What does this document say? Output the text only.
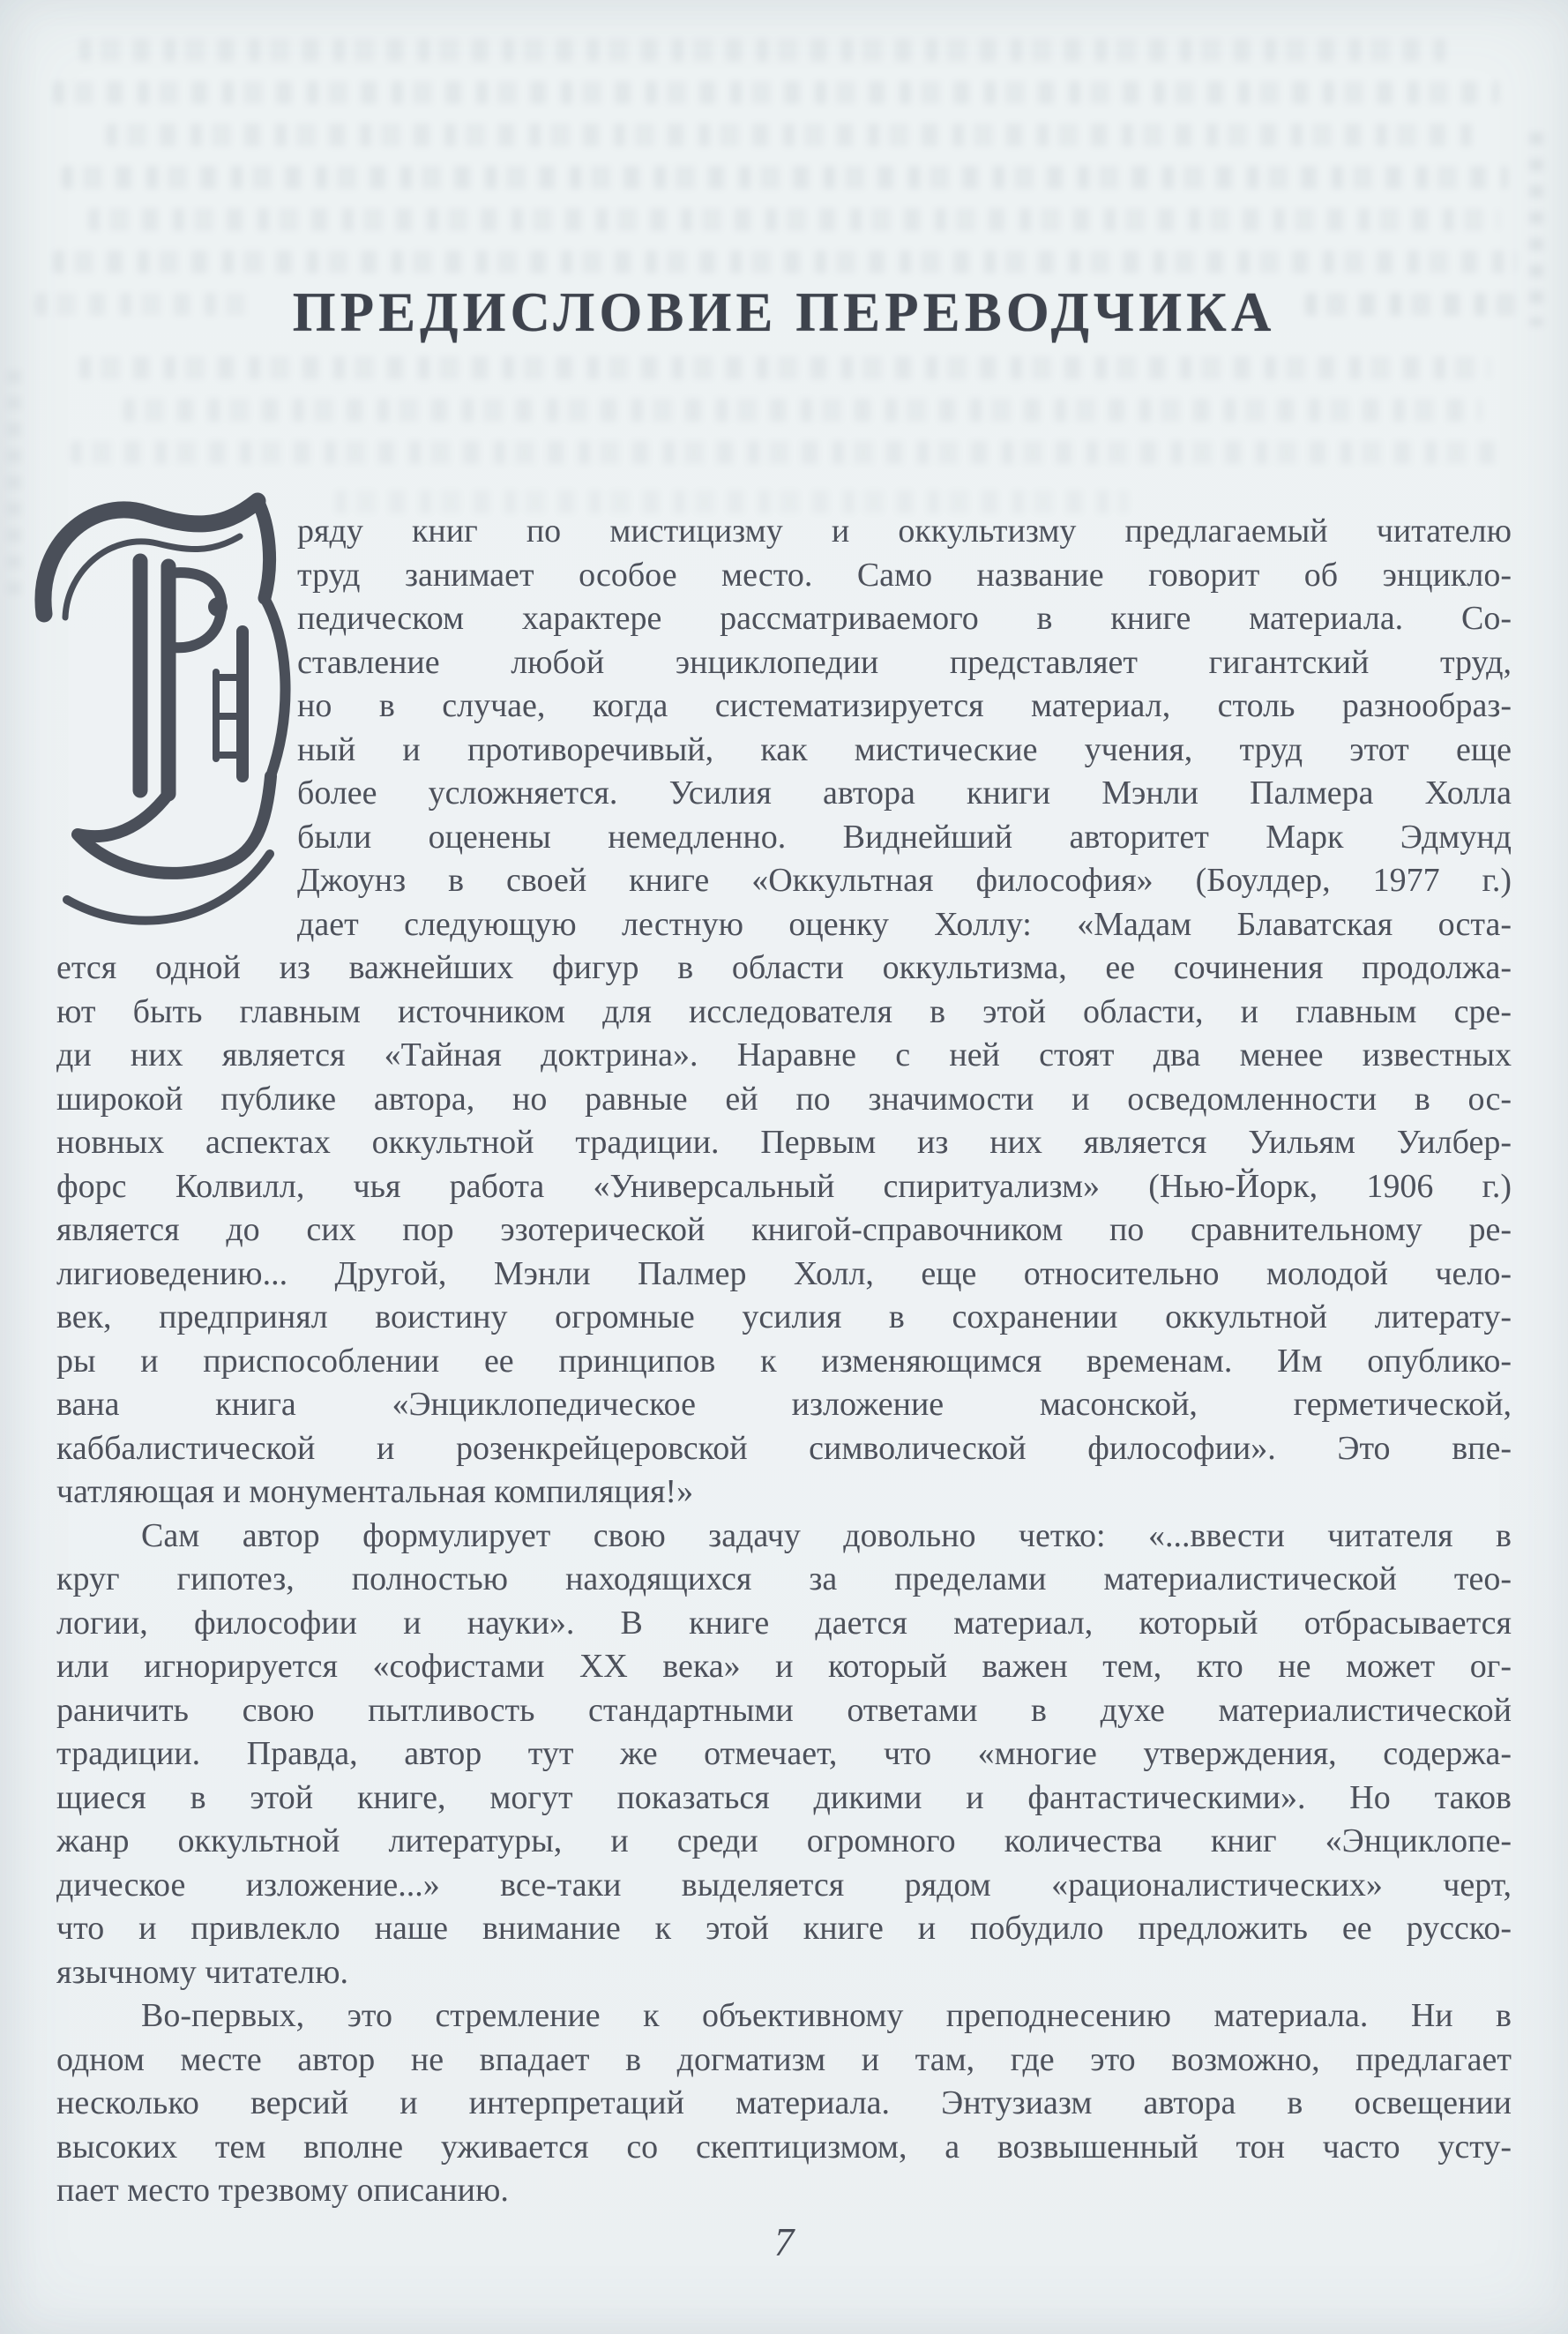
ПРЕДИСЛОВИЕ ПЕРЕВОДЧИКА
ряду книг по мистицизму и оккультизму предлагаемый читателю
труд занимает особое место. Само название говорит об энцикло-
педическом характере рассматриваемого в книге материала. Со-
ставление любой энциклопедии представляет гигантский труд,
но в случае, когда систематизируется материал, столь разнообраз-
ный и противоречивый, как мистические учения, труд этот еще
более усложняется. Усилия автора книги Мэнли Палмера Холла
были оценены немедленно. Виднейший авторитет Марк Эдмунд
Джоунз в своей книге «Оккультная философия» (Боулдер, 1977 г.)
дает следующую лестную оценку Холлу: «Мадам Блаватская оста-
ется одной из важнейших фигур в области оккультизма, ее сочинения продолжа-
ют быть главным источником для исследователя в этой области, и главным сре-
ди них является «Тайная доктрина». Наравне с ней стоят два менее известных
широкой публике автора, но равные ей по значимости и осведомленности в ос-
новных аспектах оккультной традиции. Первым из них является Уильям Уилбер-
форс Колвилл, чья работа «Универсальный спиритуализм» (Нью-Йорк, 1906 г.)
является до сих пор эзотерической книгой-справочником по сравнительному ре-
лигиоведению... Другой, Мэнли Палмер Холл, еще относительно молодой чело-
век, предпринял воистину огромные усилия в сохранении оккультной литерату-
ры и приспособлении ее принципов к изменяющимся временам. Им опублико-
вана книга «Энциклопедическое изложение масонской, герметической,
каббалистической и розенкрейцеровской символической философии». Это впе-
чатляющая и монументальная компиляция!»
Сам автор формулирует свою задачу довольно четко: «...ввести читателя в
круг гипотез, полностью находящихся за пределами материалистической тео-
логии, философии и науки». В книге дается материал, который отбрасывается
или игнорируется «софистами XX века» и который важен тем, кто не может ог-
раничить свою пытливость стандартными ответами в духе материалистической
традиции. Правда, автор тут же отмечает, что «многие утверждения, содержа-
щиеся в этой книге, могут показаться дикими и фантастическими». Но таков
жанр оккультной литературы, и среди огромного количества книг «Энциклопе-
дическое изложение...» все-таки выделяется рядом «рационалистических» черт,
что и привлекло наше внимание к этой книге и побудило предложить ее русско-
язычному читателю.
Во-первых, это стремление к объективному преподнесению материала. Ни в
одном месте автор не впадает в догматизм и там, где это возможно, предлагает
несколько версий и интерпретаций материала. Энтузиазм автора в освещении
высоких тем вполне уживается со скептицизмом, а возвышенный тон часто усту-
пает место трезвому описанию.
7
